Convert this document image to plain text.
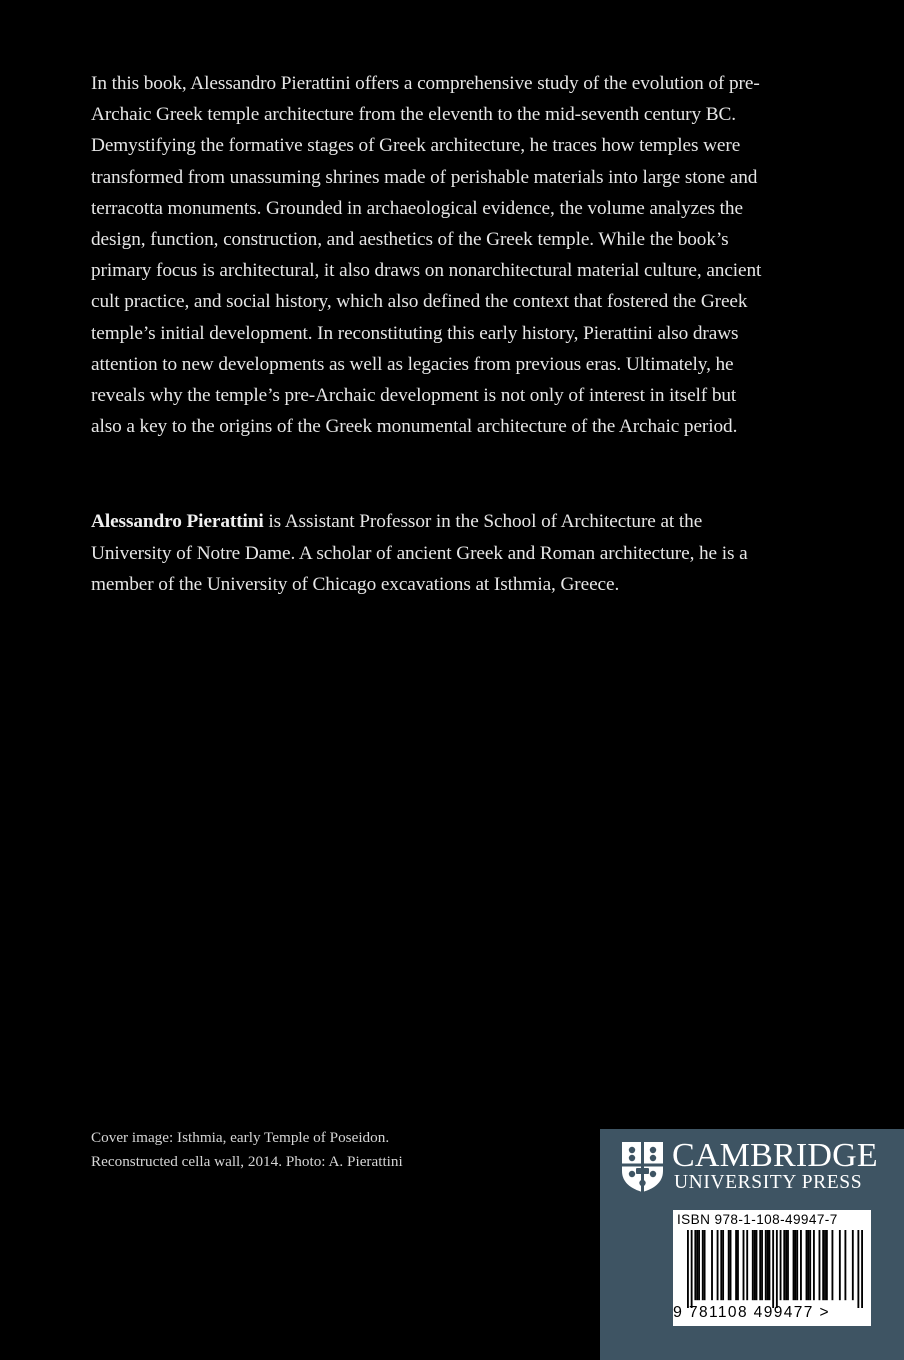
In this book, Alessandro Pierattini offers a comprehensive study of the evolution of pre-Archaic Greek temple architecture from the eleventh to the mid-seventh century BC. Demystifying the formative stages of Greek architecture, he traces how temples were transformed from unassuming shrines made of perishable materials into large stone and terracotta monuments. Grounded in archaeological evidence, the volume analyzes the design, function, construction, and aesthetics of the Greek temple. While the book’s primary focus is architectural, it also draws on nonarchitectural material culture, ancient cult practice, and social history, which also defined the context that fostered the Greek temple’s initial development. In reconstituting this early history, Pierattini also draws attention to new developments as well as legacies from previous eras. Ultimately, he reveals why the temple’s pre-Archaic development is not only of interest in itself but also a key to the origins of the Greek monumental architecture of the Archaic period.

Alessandro Pierattini is Assistant Professor in the School of Architecture at the University of Notre Dame. A scholar of ancient Greek and Roman architecture, he is a member of the University of Chicago excavations at Isthmia, Greece.

Cover image: Isthmia, early Temple of Poseidon.
Reconstructed cella wall, 2014. Photo: A. Pierattini	CAMBRIDGE
UNIVERSITY PRESS
ISBN 978-1-108-49947-7
9 781108 499477 >
